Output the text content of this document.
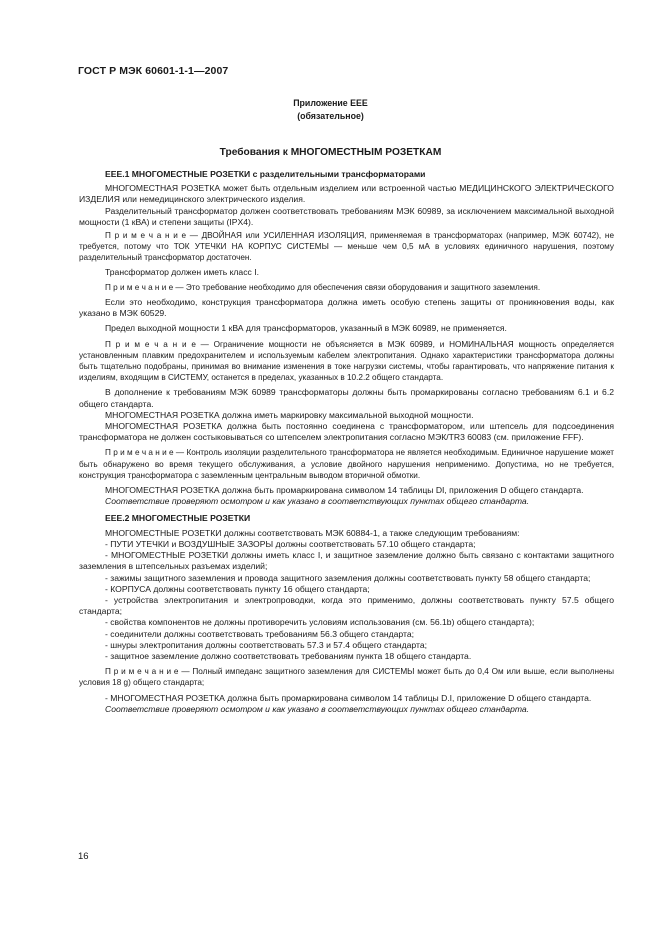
ГОСТ Р МЭК 60601-1-1—2007
Приложение EEE
(обязательное)
Требования к МНОГОМЕСТНЫМ РОЗЕТКАМ

EEE.1 МНОГОМЕСТНЫЕ РОЗЕТКИ с разделительными трансформаторами

МНОГОМЕСТНАЯ РОЗЕТКА может быть отдельным изделием или встроенной частью МЕДИЦИНСКОГО ЭЛЕКТРИЧЕСКОГО ИЗДЕЛИЯ или немедицинского электрического изделия.

Разделительный трансформатор должен соответствовать требованиям МЭК 60989, за исключением максимальной выходной мощности (1 кВА) и степени защиты (IPX4).

П р и м е ч а н и е — ДВОЙНАЯ или УСИЛЕННАЯ ИЗОЛЯЦИЯ, применяемая в трансформаторах (например, МЭК 60742), не требуется, потому что ТОК УТЕЧКИ НА КОРПУС СИСТЕМЫ — меньше чем 0,5 мА в условиях единичного нарушения, поэтому разделительный трансформатор достаточен.

Трансформатор должен иметь класс I.

П р и м е ч а н и е — Это требование необходимо для обеспечения связи оборудования и защитного заземления.

Если это необходимо, конструкция трансформатора должна иметь особую степень защиты от проникновения воды, как указано в МЭК 60529.

Предел выходной мощности 1 кВА для трансформаторов, указанный в МЭК 60989, не применяется.

П р и м е ч а н и е — Ограничение мощности не объясняется в МЭК 60989, и НОМИНАЛЬНАЯ мощность определяется установленным плавким предохранителем и используемым кабелем электропитания. Однако характеристики трансформатора должны быть тщательно подобраны, принимая во внимание изменения в токе нагрузки системы, чтобы гарантировать, что напряжение питания к изделиям, входящим в СИСТЕМУ, останется в пределах, указанных в 10.2.2 общего стандарта.

В дополнение к требованиям МЭК 60989 трансформаторы должны быть промаркированы согласно требованиям 6.1 и 6.2 общего стандарта.

МНОГОМЕСТНАЯ РОЗЕТКА должна иметь маркировку максимальной выходной мощности.

МНОГОМЕСТНАЯ РОЗЕТКА должна быть постоянно соединена с трансформатором, или штепсель для подсоединения трансформатора не должен состыковываться со штепселем электропитания согласно МЭК/TR3 60083 (см. приложение FFF).

П р и м е ч а н и е — Контроль изоляции разделительного трансформатора не является необходимым. Единичное нарушение может быть обнаружено во время текущего обслуживания, а условие двойного нарушения неприменимо. Допустима, но не требуется, конструкция трансформатора с заземленным центральным выводом вторичной обмотки.

МНОГОМЕСТНАЯ РОЗЕТКА должна быть промаркирована символом 14 таблицы DI, приложения D общего стандарта.

Соответствие проверяют осмотром и как указано в соответствующих пунктах общего стандарта.

EEE.2 МНОГОМЕСТНЫЕ РОЗЕТКИ

МНОГОМЕСТНЫЕ РОЗЕТКИ должны соответствовать МЭК 60884-1, а также следующим требованиям:

- ПУТИ УТЕЧКИ и ВОЗДУШНЫЕ ЗАЗОРЫ должны соответствовать 57.10 общего стандарта;

- МНОГОМЕСТНЫЕ РОЗЕТКИ должны иметь класс I, и защитное заземление должно быть связано с контактами защитного заземления в штепсельных разъемах изделий;

- зажимы защитного заземления и провода защитного заземления должны соответствовать пункту 58 общего стандарта;

- КОРПУСА должны соответствовать пункту 16 общего стандарта;

- устройства электропитания и электропроводки, когда это применимо, должны соответствовать пункту 57.5 общего стандарта;

- свойства компонентов не должны противоречить условиям использования (см. 56.1b) общего стандарта);

- соединители должны соответствовать требованиям 56.3 общего стандарта;

- шнуры электропитания должны соответствовать 57.3 и 57.4 общего стандарта;

- защитное заземление должно соответствовать требованиям пункта 18 общего стандарта.

П р и м е ч а н и е — Полный импеданс защитного заземления для СИСТЕМЫ может быть до 0,4 Ом или выше, если выполнены условия 18 g) общего стандарта;

- МНОГОМЕСТНАЯ РОЗЕТКА должна быть промаркирована символом 14 таблицы D.I, приложение D общего стандарта.

Соответствие проверяют осмотром и как указано в соответствующих пунктах общего стандарта.

16
